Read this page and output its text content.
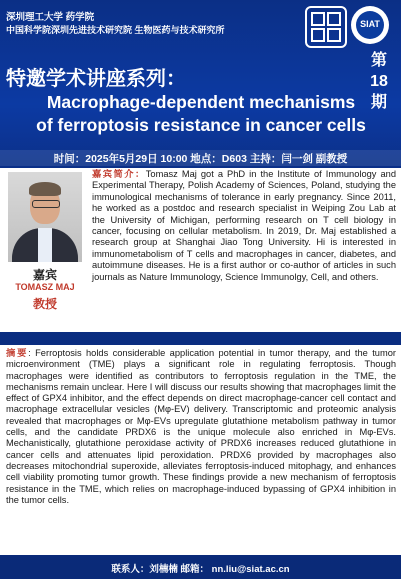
深圳理工大学 药学院
中国科学院深圳先进技术研究院 生物医药与技术研究所
SIAT
特邀学术讲座系列：
第
18
期
Macrophage-dependent mechanisms
of ferroptosis resistance in cancer cells
时间：2025年5月29日 10:00 地点：D603 主持：闫一剑 副教授
嘉宾
TOMASZ MAJ
教授
嘉宾简介：Tomasz Maj got a PhD in the Institute of Immunology and Experimental Therapy, Polish Academy of Sciences, Poland, studying the immunological mechanisms of tolerance in early pregnancy. Since 2011, he worked as a postdoc and research specialist in Weiping Zou Lab at the University of Michigan, performing research on T cell biology in cancer, focusing on cellular metabolism. In 2019, Dr. Maj established a research group at Shanghai Jiao Tong University. Hi is interested in immunometabolism of T cells and macrophages in cancer, diabetes, and autoimmune diseases. He is a first author or co-author of articles in such journals as Nature Immunology, Science Immunolgy, Cell, and others.
摘要: Ferroptosis holds considerable application potential in tumor therapy, and the tumor microenvironment (TME) plays a significant role in regulating ferroptosis. Though macrophages were identified as contributors to ferroptosis regulation in the TME, the mechanisms remain unclear. Here I will discuss our results showing that macrophages limit the effect of GPX4 inhibitor, and the effect depends on direct macrophage-cancer cell contact and macrophage extracellular vesicles (Mφ-EV) delivery. Transcriptomic and proteomic analysis revealed that macrophages or Mφ-EVs upregulate glutathione metabolism pathway in tumor cells, and the candidate PRDX6 is the unique molecule also enriched in Mφ-EVs. Mechanistically, glutathione peroxidase activity of PRDX6 increases reduced glutathione in cancer cells and attenuates lipid peroxidation. PRDX6 provided by macrophages also decreases mitochondrial superoxide, alleviates ferroptosis-induced mitophagy, and enhances cell viability promoting tumor growth. These findings provide a new mechanism of ferroptosis resistance in the TME, which relies on macrophage-induced bypassing of GPX4 inhibition in the tumor cells.
联系人：刘楠楠 邮箱： nn.liu@siat.ac.cn
